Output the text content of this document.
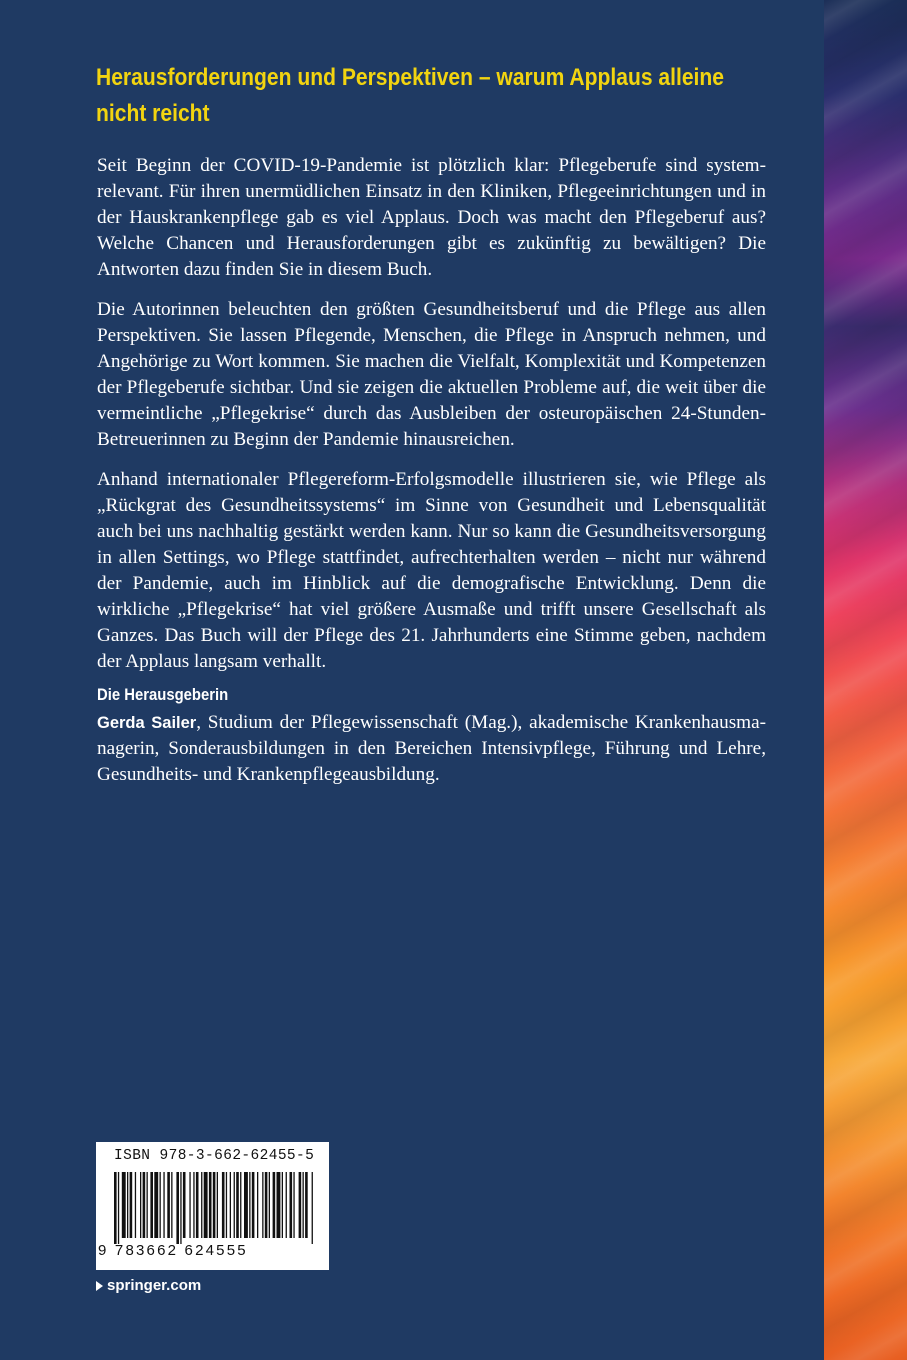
Herausforderungen und Perspektiven – warum Applaus alleine
nicht reicht

Seit Beginn der COVID-19-Pandemie ist plötzlich klar: Pflegeberufe sind systemrelevant. Für ihren unermüdlichen Einsatz in den Kliniken, Pflegeeinrichtungen und in der Hauskrankenpflege gab es viel Applaus. Doch was macht den Pflegeberuf aus? Welche Chancen und Herausforderungen gibt es zukünftig zu bewältigen? Die Antworten dazu finden Sie in diesem Buch.

Die Autorinnen beleuchten den größten Gesundheitsberuf und die Pflege aus allen Perspektiven. Sie lassen Pflegende, Menschen, die Pflege in Anspruch nehmen, und Angehörige zu Wort kommen. Sie machen die Vielfalt, Komplexität und Kompetenzen der Pflegeberufe sichtbar. Und sie zeigen die aktuellen Probleme auf, die weit über die vermeintliche „Pflegekrise“ durch das Ausbleiben der osteuropäischen 24-Stunden-Betreuerinnen zu Beginn der Pandemie hinausreichen.

Anhand internationaler Pflegereform-Erfolgsmodelle illustrieren sie, wie Pflege als „Rückgrat des Gesundheitssystems“ im Sinne von Gesundheit und Lebensqualität auch bei uns nachhaltig gestärkt werden kann. Nur so kann die Gesundheitsversorgung in allen Settings, wo Pflege stattfindet, aufrechterhalten werden – nicht nur während der Pandemie, auch im Hinblick auf die demografische Entwicklung. Denn die wirkliche „Pflegekrise“ hat viel größere Ausmaße und trifft unsere Gesellschaft als Ganzes. Das Buch will der Pflege des 21. Jahrhunderts eine Stimme geben, nachdem der Applaus langsam verhallt.

Die Herausgeberin

Gerda Sailer, Studium der Pflegewissenschaft (Mag.), akademische Krankenhausmanagerin, Sonderausbildungen in den Bereichen Intensivpflege, Führung und Lehre, Gesundheits- und Krankenpflegeausbildung.

ISBN 978-3-662-62455-5
9 783662 624555
springer.com
